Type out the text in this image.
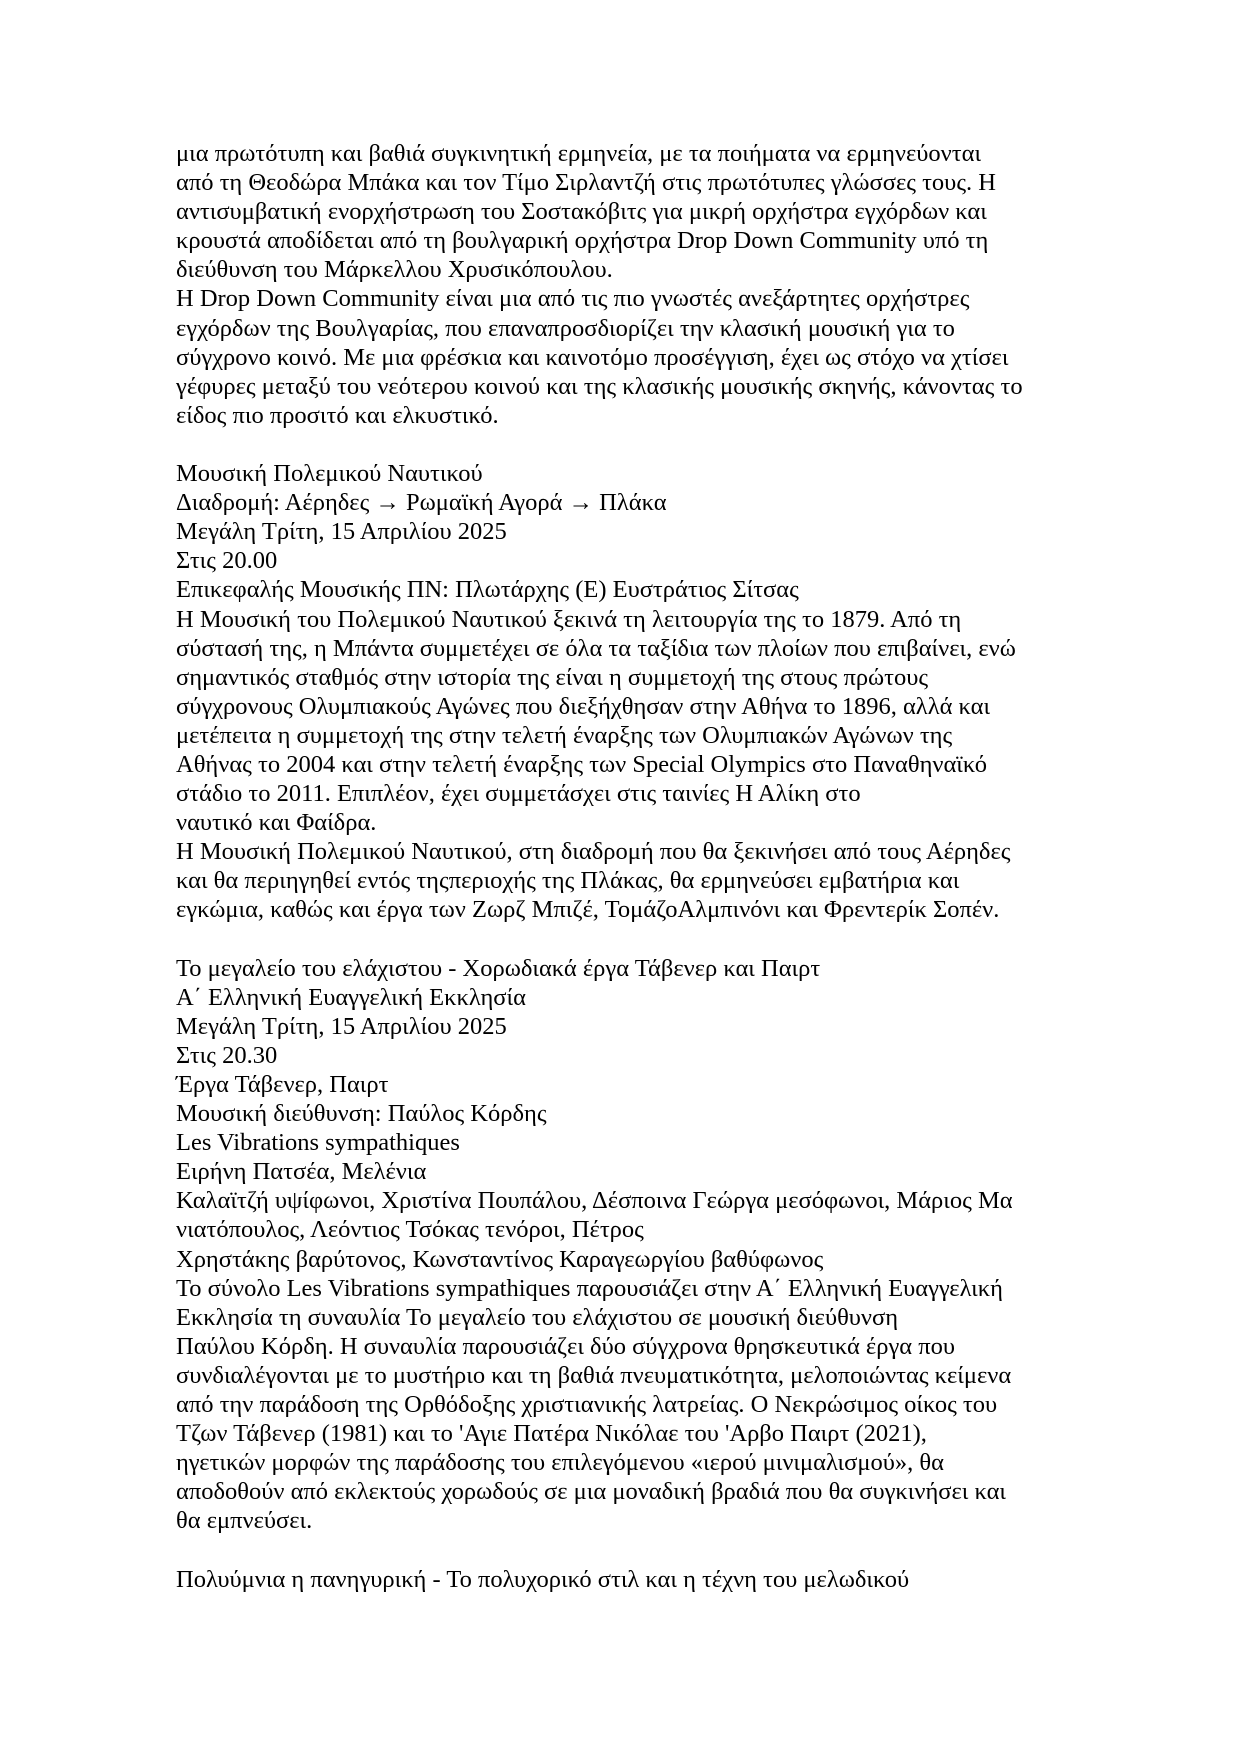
μια πρωτότυπη και βαθιά συγκινητική ερμηνεία, με τα ποιήματα να ερμηνεύονται
από τη Θεοδώρα Μπάκα και τον Τίμο Σιρλαντζή στις πρωτότυπες γλώσσες τους. Η
αντισυμβατική ενορχήστρωση του Σοστακόβιτς για μικρή ορχήστρα εγχόρδων και
κρουστά αποδίδεται από τη βουλγαρική ορχήστρα Drop Down Community υπό τη
διεύθυνση του Μάρκελλου Χρυσικόπουλου.
Η Drop Down Community είναι μια από τις πιο γνωστές ανεξάρτητες ορχήστρες
εγχόρδων της Βουλγαρίας, που επαναπροσδιορίζει την κλασική μουσική για το
σύγχρονο κοινό. Με μια φρέσκια και καινοτόμο προσέγγιση, έχει ως στόχο να χτίσει
γέφυρες μεταξύ του νεότερου κοινού και της κλασικής μουσικής σκηνής, κάνοντας το
είδος πιο προσιτό και ελκυστικό.

Μουσική Πολεμικού Ναυτικού
Διαδρομή: Αέρηδες → Ρωμαϊκή Αγορά → Πλάκα
Μεγάλη Τρίτη, 15 Απριλίου 2025
Στις 20.00
Επικεφαλής Μουσικής ΠΝ: Πλωτάρχης (Ε) Ευστράτιος Σίτσας
Η Μουσική του Πολεμικού Ναυτικού ξεκινά τη λειτουργία της το 1879. Από τη
σύστασή της, η Μπάντα συμμετέχει σε όλα τα ταξίδια των πλοίων που επιβαίνει, ενώ
σημαντικός σταθμός στην ιστορία της είναι η συμμετοχή της στους πρώτους
σύγχρονους Ολυμπιακούς Αγώνες που διεξήχθησαν στην Αθήνα το 1896, αλλά και
μετέπειτα η συμμετοχή της στην τελετή έναρξης των Ολυμπιακών Αγώνων της
Αθήνας το 2004 και στην τελετή έναρξης των Special Olympics στο Παναθηναϊκό
στάδιο το 2011. Επιπλέον, έχει συμμετάσχει στις ταινίες Η Αλίκη στο
ναυτικό και Φαίδρα.
Η Μουσική Πολεμικού Ναυτικού, στη διαδρομή που θα ξεκινήσει από τους Αέρηδες
και θα περιηγηθεί εντός τηςπεριοχής της Πλάκας, θα ερμηνεύσει εμβατήρια και
εγκώμια, καθώς και έργα των Ζωρζ Μπιζέ, ΤομάζοΑλμπινόνι και Φρεντερίκ Σοπέν.

Το μεγαλείο του ελάχιστου - Χορωδιακά έργα Τάβενερ και Παιρτ
Α΄ Ελληνική Ευαγγελική Εκκλησία
Μεγάλη Τρίτη, 15 Απριλίου 2025
Στις 20.30
Έργα Τάβενερ, Παιρτ
Μουσική διεύθυνση: Παύλος Κόρδης
Les Vibrations sympathiques
Ειρήνη Πατσέα, Μελένια
Καλαϊτζή υψίφωνοι, Χριστίνα Πουπάλου, Δέσποινα Γεώργα μεσόφωνοι, Μάριος Μα
νιατόπουλος, Λεόντιος Τσόκας τενόροι, Πέτρος
Χρηστάκης βαρύτονος, Κωνσταντίνος Καραγεωργίου βαθύφωνος
Το σύνολο Les Vibrations sympathiques παρουσιάζει στην Α΄ Ελληνική Ευαγγελική
Εκκλησία τη συναυλία Το μεγαλείο του ελάχιστου σε μουσική διεύθυνση
Παύλου Κόρδη. Η συναυλία παρουσιάζει δύο σύγχρονα θρησκευτικά έργα που
συνδιαλέγονται με το μυστήριο και τη βαθιά πνευματικότητα, μελοποιώντας κείμενα
από την παράδοση της Ορθόδοξης χριστιανικής λατρείας. Ο Νεκρώσιμος οίκος του
Τζων Τάβενερ (1981) και το 'Αγιε Πατέρα Νικόλαε του 'Αρβο Παιρτ (2021),
ηγετικών μορφών της παράδοσης του επιλεγόμενου «ιερού μινιμαλισμού», θα
αποδοθούν από εκλεκτούς χορωδούς σε μια μοναδική βραδιά που θα συγκινήσει και
θα εμπνεύσει.

Πολυύμνια η πανηγυρική - Το πολυχορικό στιλ και η τέχνη του μελωδικού
